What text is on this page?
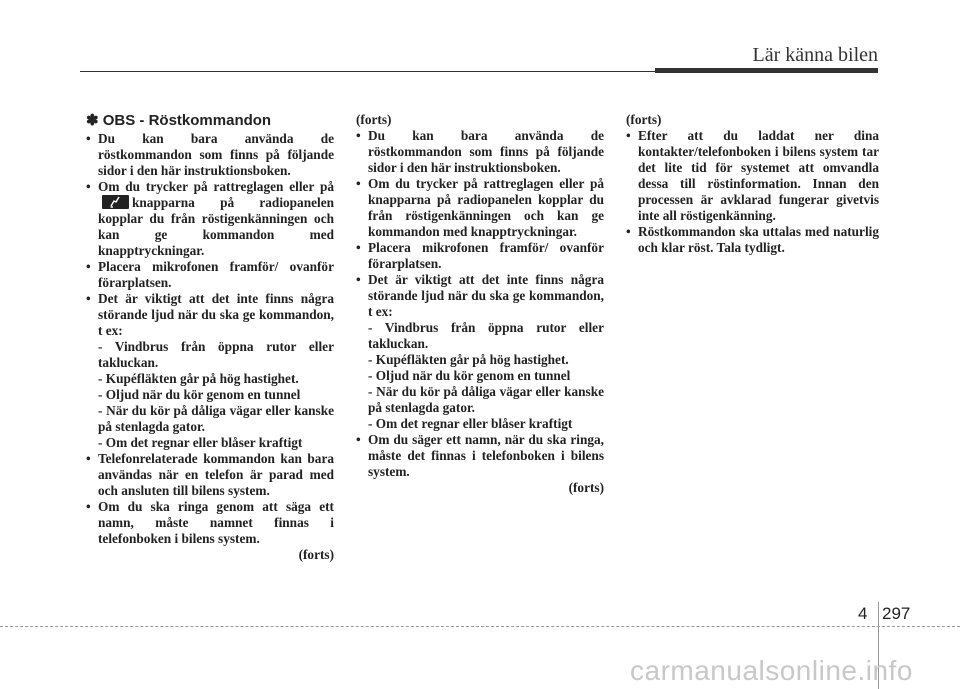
Lär känna bilen
✽ OBS - Röstkommandon
• Du kan bara använda de röstkommandon som finns på följande sidor i den här instruktionsboken.
• Om du trycker på rattreglagen eller på
knapparna på radiopanelen kopplar du från röstigenkänningen och kan ge kommandon med knapptryckningar.
• Placera mikrofonen framför/ ovanför förarplatsen.
• Det är viktigt att det inte finns några störande ljud när du ska ge kommandon, t ex:
- Vindbrus från öppna rutor eller takluckan.
- Kupéfläkten går på hög hastighet.
- Oljud när du kör genom en tunnel
- När du kör på dåliga vägar eller kanske på stenlagda gator.
- Om det regnar eller blåser kraftigt
• Telefonrelaterade kommandon kan bara användas när en telefon är parad med och ansluten till bilens system.
• Om du ska ringa genom att säga ett namn, måste namnet finnas i telefonboken i bilens system.

(forts)

(forts)

• Du kan bara använda de röstkommandon som finns på följande sidor i den här instruktionsboken.
• Om du trycker på rattreglagen eller på knapparna på radiopanelen kopplar du från röstigenkänningen och kan ge kommandon med knapptryckningar.
• Placera mikrofonen framför/ ovanför förarplatsen.
• Det är viktigt att det inte finns några störande ljud när du ska ge kommandon, t ex:
- Vindbrus från öppna rutor eller takluckan.
- Kupéfläkten går på hög hastighet.
- Oljud när du kör genom en tunnel
- När du kör på dåliga vägar eller kanske på stenlagda gator.
- Om det regnar eller blåser kraftigt
• Om du säger ett namn, när du ska ringa, måste det finnas i telefonboken i bilens system.

(forts)

(forts)

• Efter att du laddat ner dina kontakter/telefonboken i bilens system tar det lite tid för systemet att omvandla dessa till röstinformation. Innan den processen är avklarad fungerar givetvis inte all röstigenkänning.
• Röstkommandon ska uttalas med naturlig och klar röst. Tala tydligt.
4 297
carmanualsonline.info
